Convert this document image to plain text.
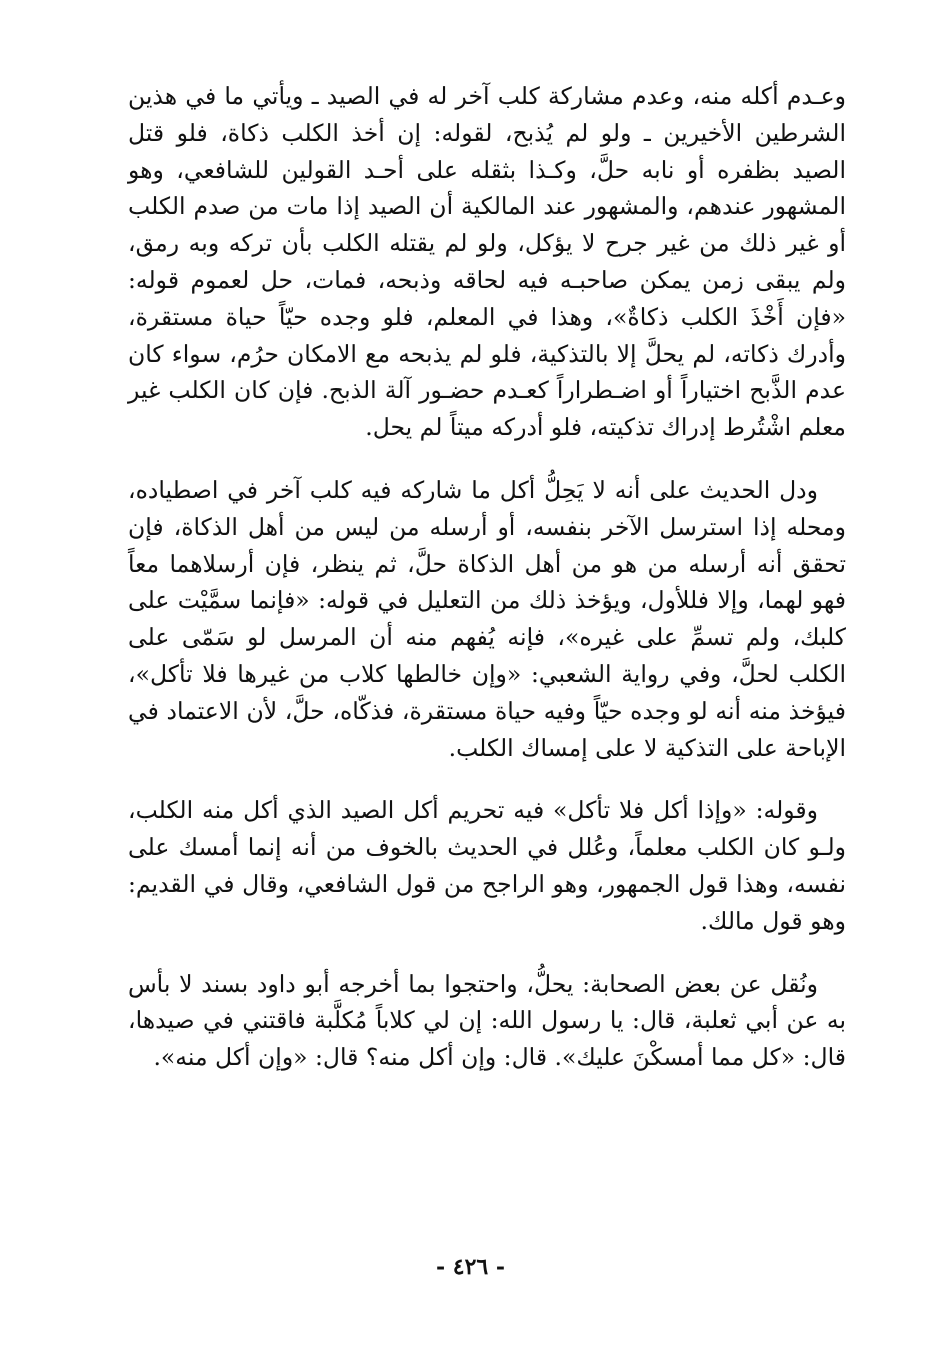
وعـدم أكله منه، وعدم مشاركة كلب آخر له في الصيد ـ ويأتي ما في هذين الشرطين الأخيرين ـ ولو لم يُذبح، لقوله: إن أخذ الكلب ذكاة، فلو قتل الصيد بظفره أو نابه حلَّ، وكـذا بثقله على أحـد القولين للشافعي، وهو المشهور عندهم، والمشهور عند المالكية أن الصيد إذا مات من صدم الكلب أو غير ذلك من غير جرح لا يؤكل، ولو لم يقتله الكلب بأن تركه وبه رمق، ولم يبقى زمن يمكن صاحبـه فيه لحاقه وذبحه، فمات، حل لعموم قوله: «فإن أَخْذَ الكلب ذكاةٌ»، وهذا في المعلم، فلو وجده حيّاً حياة مستقرة، وأدرك ذكاته، لم يحلَّ إلا بالتذكية، فلو لم يذبحه مع الامكان حرُم، سواء كان عدم الذَّبح اختياراً أو اضـطراراً كعـدم حضـور آلة الذبح. فإن كان الكلب غير معلم اشْتُرط إدراك تذكيته، فلو أدركه ميتاً لم يحل.

ودل الحديث على أنه لا يَحِلُّ أكل ما شاركه فيه كلب آخر في اصطياده، ومحله إذا استرسل الآخر بنفسه، أو أرسله من ليس من أهل الذكاة، فإن تحقق أنه أرسله من هو من أهل الذكاة حلَّ، ثم ينظر، فإن أرسلاهما معاً فهو لهما، وإلا فللأول، ويؤخذ ذلك من التعليل في قوله: «فإنما سمَّيْت على كلبك، ولم تسمِّ على غيره»، فإنه يُفهم منه أن المرسل لو سَمّى على الكلب لحلَّ، وفي رواية الشعبي: «وإن خالطها كلاب من غيرها فلا تأكل»، فيؤخذ منه أنه لو وجده حيّاً وفيه حياة مستقرة، فذكّاه، حلَّ، لأن الاعتماد في الإباحة على التذكية لا على إمساك الكلب.

وقوله: «وإذا أكل فلا تأكل» فيه تحريم أكل الصيد الذي أكل منه الكلب، ولـو كان الكلب معلماً، وعُلل في الحديث بالخوف من أنه إنما أمسك على نفسه، وهذا قول الجمهور، وهو الراجح من قول الشافعي، وقال في القديم: وهو قول مالك.

ونُقل عن بعض الصحابة: يحلُّ، واحتجوا بما أخرجه أبو داود بسند لا بأس به عن أبي ثعلبة، قال: يا رسول الله: إن لي كلاباً مُكلَّبة فاقتني في صيدها، قال: «كل مما أمسكْنَ عليك». قال: وإن أكل منه؟ قال: «وإن أكل منه».

- ٤٢٦ -
